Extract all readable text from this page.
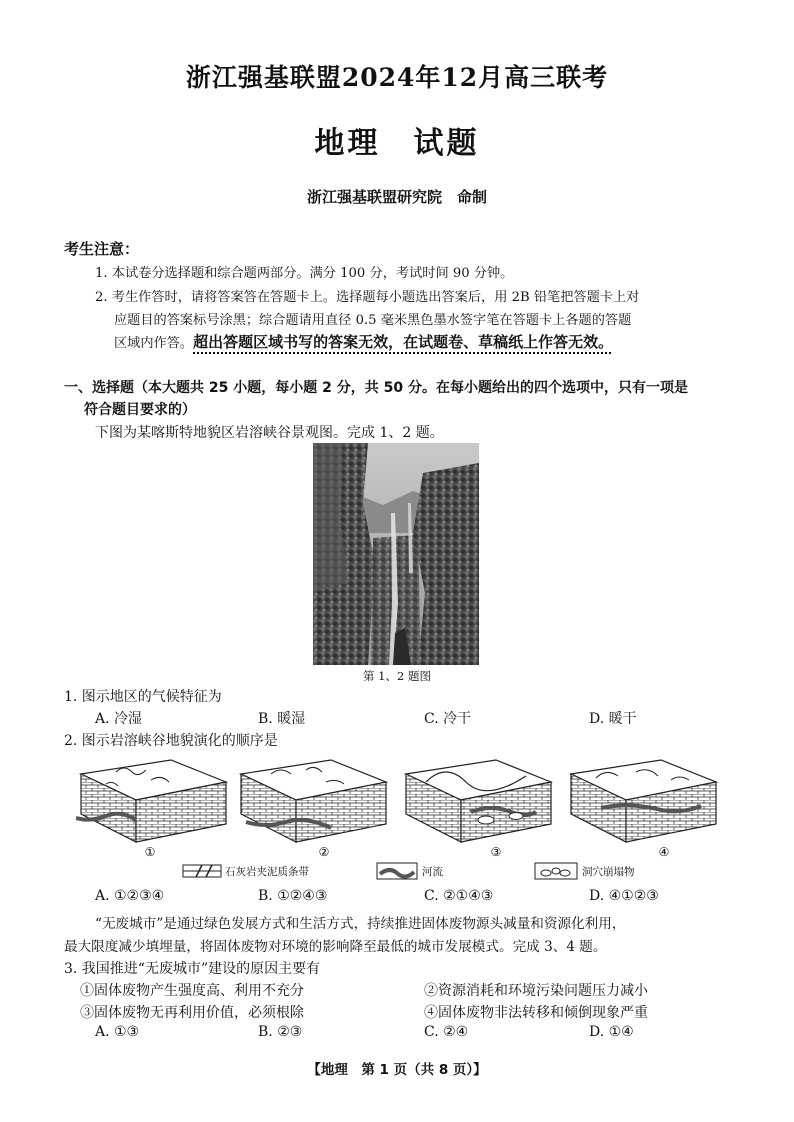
浙江强基联盟2024年12月高三联考
地理　试题
浙江强基联盟研究院　命制
考生注意：
1. 本试卷分选择题和综合题两部分。满分 100 分，考试时间 90 分钟。
2. 考生作答时，请将答案答在答题卡上。选择题每小题选出答案后，用 2B 铅笔把答题卡上对
应题目的答案标号涂黑；综合题请用直径 0.5 毫米黑色墨水签字笔在答题卡上各题的答题
区域内作答。超出答题区域书写的答案无效，在试题卷、草稿纸上作答无效。
一、选择题（本大题共 25 小题，每小题 2 分，共 50 分。在每小题给出的四个选项中，只有一项是
符合题目要求的）
下图为某喀斯特地貌区岩溶峡谷景观图。完成 1、2 题。
第 1、2 题图
1. 图示地区的气候特征为
A. 冷湿	B. 暖湿	C. 冷干	D. 暖干
2. 图示岩溶峡谷地貌演化的顺序是
①	②	③	④
石灰岩夹泥质条带	河流	洞穴崩塌物
A. ①②③④	B. ①②④③	C. ②①④③	D. ④①②③
“无废城市”是通过绿色发展方式和生活方式，持续推进固体废物源头减量和资源化利用，
最大限度减少填埋量，将固体废物对环境的影响降至最低的城市发展模式。完成 3、4 题。
3. 我国推进“无废城市”建设的原因主要有
①固体废物产生强度高、利用不充分	②资源消耗和环境污染问题压力减小
③固体废物无再利用价值，必须根除	④固体废物非法转移和倾倒现象严重
A. ①③	B. ②③	C. ②④	D. ①④
【地理　第 1 页（共 8 页）】
